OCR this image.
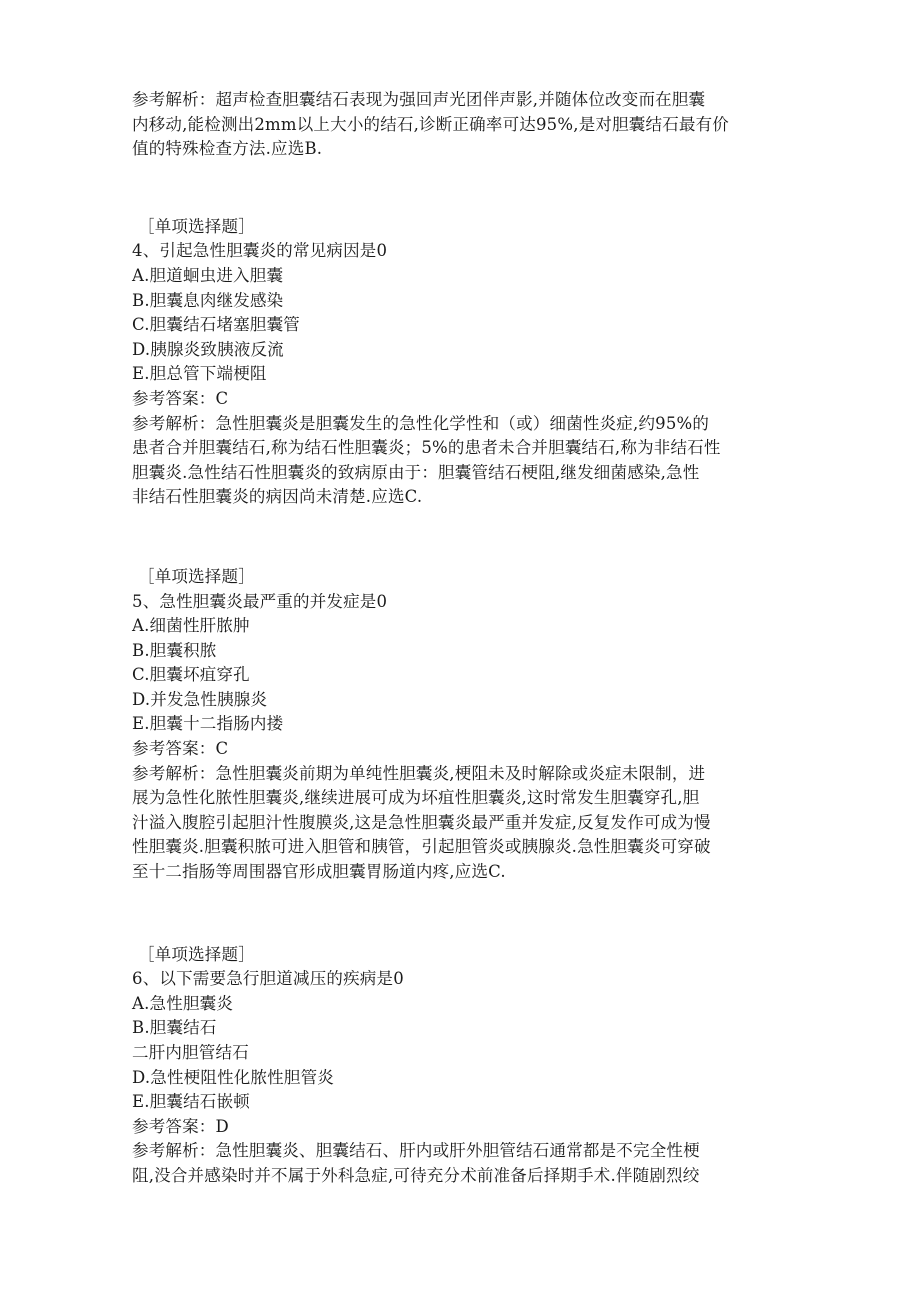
参考解析：超声检查胆囊结石表现为强回声光团伴声影,并随体位改变而在胆囊
内移动,能检测出2mm以上大小的结石,诊断正确率可达95%,是对胆囊结石最有价
值的特殊检查方法.应选B.
［单项选择题］
4、引起急性胆囊炎的常见病因是0
A.胆道蛔虫进入胆囊
B.胆囊息肉继发感染
C.胆囊结石堵塞胆囊管
D.胰腺炎致胰液反流
E.胆总管下端梗阻
参考答案：C
参考解析：急性胆囊炎是胆囊发生的急性化学性和（或）细菌性炎症,约95%的
患者合并胆囊结石,称为结石性胆囊炎；5%的患者未合并胆囊结石,称为非结石性
胆囊炎.急性结石性胆囊炎的致病原由于：胆囊管结石梗阻,继发细菌感染,急性
非结石性胆囊炎的病因尚未清楚.应选C.
［单项选择题］
5、急性胆囊炎最严重的并发症是0
A.细菌性肝脓肿
B.胆囊积脓
C.胆囊坏疽穿孔
D.并发急性胰腺炎
E.胆囊十二指肠内搂
参考答案：C
参考解析：急性胆囊炎前期为单纯性胆囊炎,梗阻未及时解除或炎症未限制，进
展为急性化脓性胆囊炎,继续进展可成为坏疽性胆囊炎,这时常发生胆囊穿孔,胆
汁溢入腹腔引起胆汁性腹膜炎,这是急性胆囊炎最严重并发症,反复发作可成为慢
性胆囊炎.胆囊积脓可进入胆管和胰管，引起胆管炎或胰腺炎.急性胆囊炎可穿破
至十二指肠等周围器官形成胆囊胃肠道内疼,应选C.
［单项选择题］
6、以下需要急行胆道减压的疾病是0
A.急性胆囊炎
B.胆囊结石
二肝内胆管结石
D.急性梗阻性化脓性胆管炎
E.胆囊结石嵌顿
参考答案：D
参考解析：急性胆囊炎、胆囊结石、肝内或肝外胆管结石通常都是不完全性梗
阻,没合并感染时并不属于外科急症,可待充分术前准备后择期手术.伴随剧烈绞
